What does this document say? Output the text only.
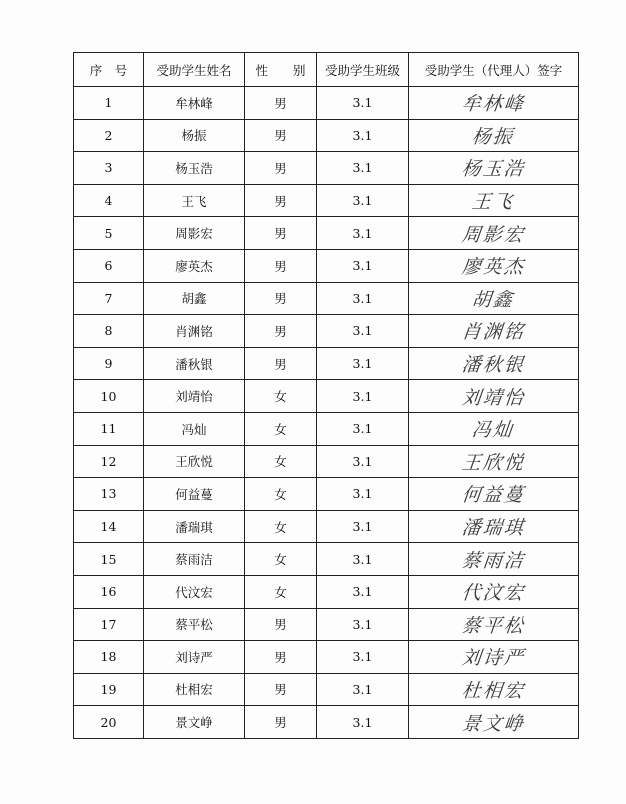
序　号	受助学生姓名	性　　别	受助学生班级	受助学生（代理人）签字
1	牟林峰	男	3.1	牟林峰
2	杨振	男	3.1	杨振
3	杨玉浩	男	3.1	杨玉浩
4	王飞	男	3.1	王飞
5	周影宏	男	3.1	周影宏
6	廖英杰	男	3.1	廖英杰
7	胡鑫	男	3.1	胡鑫
8	肖渊铭	男	3.1	肖渊铭
9	潘秋银	男	3.1	潘秋银
10	刘靖怡	女	3.1	刘靖怡
11	冯灿	女	3.1	冯灿
12	王欣悦	女	3.1	王欣悦
13	何益蔓	女	3.1	何益蔓
14	潘瑞琪	女	3.1	潘瑞琪
15	蔡雨洁	女	3.1	蔡雨洁
16	代汶宏	女	3.1	代汶宏
17	蔡平松	男	3.1	蔡平松
18	刘诗严	男	3.1	刘诗严
19	杜相宏	男	3.1	杜相宏
20	景文峥	男	3.1	景文峥
